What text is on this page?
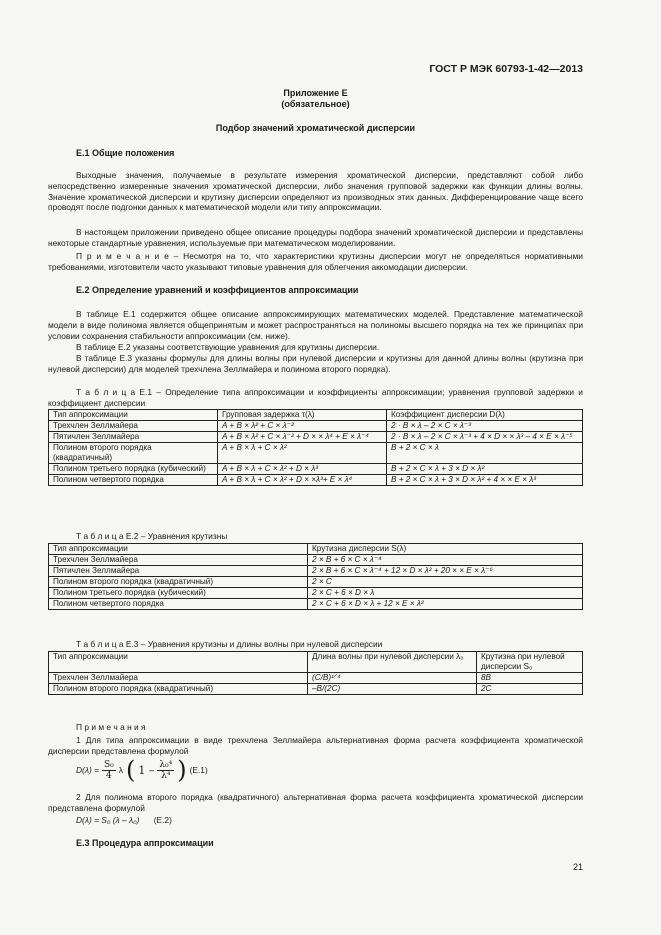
ГОСТ Р МЭК 60793-1-42—2013
Приложение Е
(обязательное)
Подбор значений хроматической дисперсии
Е.1 Общие положения
Выходные значения, получаемые в результате измерения хроматической дисперсии, представляют собой либо непосредственно измеренные значения хроматической дисперсии, либо значения групповой задержки как функции длины волны. Значение хроматической дисперсии и крутизну дисперсии определяют из производных этих данных. Дифференцирование чаще всего проводят после подгонки данных к математической модели или типу аппроксимации.
В настоящем приложении приведено общее описание процедуры подбора значений хроматической дисперсии и представлены некоторые стандартные уравнения, используемые при математическом моделировании.
П р и м е ч а н и е – Несмотря на то, что характеристики крутизны дисперсии могут не определяться нормативными требованиями, изготовители часто указывают типовые уравнения для облегчения аккомодации дисперсии.
Е.2 Определение уравнений и коэффициентов аппроксимации
В таблице Е.1 содержится общее описание аппроксимирующих математических моделей. Представление математической модели в виде полинома является общепринятым и может распространяться на полиномы высшего порядка на тех же принципах при условии сохранения стабильности аппроксимации (см. ниже).
В таблице Е.2 указаны соответствующие уравнения для крутизны дисперсии.
В таблице Е.3 указаны формулы для длины волны при нулевой дисперсии и крутизны для данной длины волны (крутизна при нулевой дисперсии) для моделей трехчлена Зеллмайера и полинома второго порядка).
Т а б л и ц а Е.1 – Определение типа аппроксимации и коэффициенты аппроксимации; уравнения групповой задержки и коэффициент дисперсии
Тип аппроксимации	Групповая задержка τ(λ)	Коэффициент дисперсии D(λ)
Трехчлен Зеллмайера	A + B × λ² + C × λ⁻²	2 · B × λ – 2 × C × λ⁻³
Пятичлен Зеллмайера	A + B × λ² + C × λ⁻² + D × × λ⁴ + E × λ⁻⁴	2 · B × λ – 2 × C × λ⁻³ + 4 × D × × λ³ – 4 × E × λ⁻⁵
Полином второго порядка (квадратичный)	A + B × λ + C × λ²	B + 2 × C × λ
Полином третьего порядка (кубический)	A + B × λ + C × λ² + D × λ³	B + 2 × C × λ + 3 × D × λ²
Полином четвертого порядка	A + B × λ + C × λ² + D × ×λ³+ E × λ⁴	B + 2 × C × λ + 3 × D × λ² + 4 × × E × λ³
Т а б л и ц а Е.2 – Уравнения крутизны
Тип аппроксимации	Крутизна дисперсии S(λ)
Трехчлен Зеллмайера	2 × B + 6 × C × λ⁻⁴
Пятичлен Зеллмайера	2 × B + 6 × C × λ⁻⁴ + 12 × D × λ² + 20 × × E × λ⁻⁶
Полином второго порядка (квадратичный)	2 × C
Полином третьего порядка (кубический)	2 × C + 6 × D × λ
Полином четвертого порядка	2 × C + 6 × D × λ + 12 × E × λ²
Т а б л и ц а Е.3 – Уравнения крутизны и длины волны при нулевой дисперсии
Тип аппроксимации	Длина волны при нулевой дисперсии λ₀	Крутизна при нулевой дисперсии S₀
Трехчлен Зеллмайера	(C/B)¹ᐟ⁴	8B
Полином второго порядка (квадратичный)	–B/(2C)	2C
П р и м е ч а н и я
1 Для типа аппроксимации в виде трехчлена Зеллмайера альтернативная форма расчета коэффициента хроматической дисперсии представлена формулой
$D(\lambda) = \frac{\text{S₀}}{4}$ λ ( $1 - \frac{\text{λ₀⁴}}{\text{λ⁴}}$ ) (Е.1)
2 Для полинома второго порядка (квадратичного) альтернативная форма расчета коэффициента хроматической дисперсии представлена формулой
D(λ) = S₀ (λ – λ₀) (Е.2)
Е.3 Процедура аппроксимации
21
